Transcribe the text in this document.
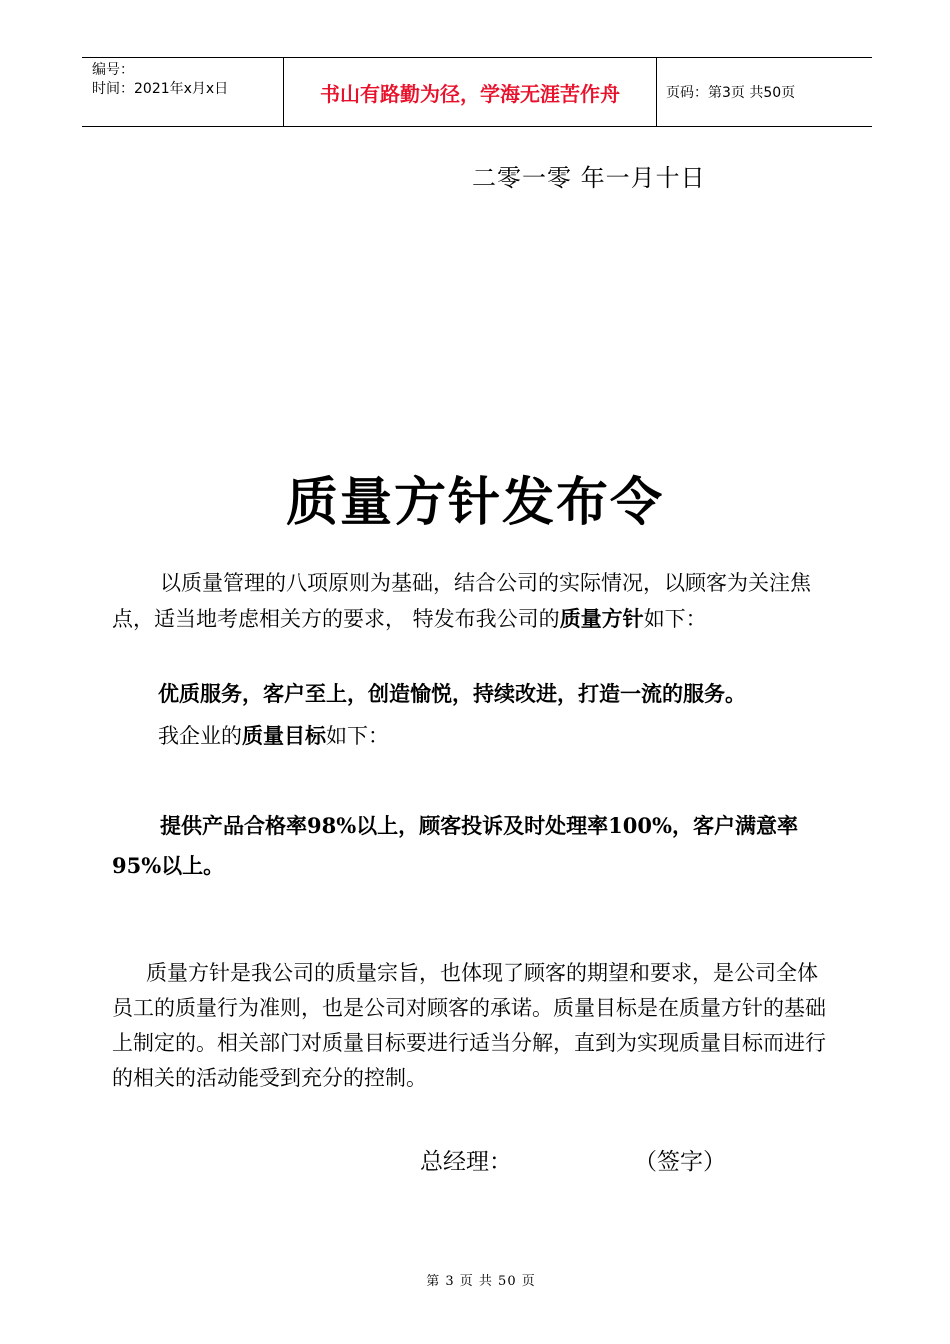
编号：
时间：2021年x月x日	书山有路勤为径，学海无涯苦作舟	页码：第3页 共50页
二零一零 年一月十日
质量方针发布令
以质量管理的八项原则为基础，结合公司的实际情况，以顾客为关注焦点，适当地考虑相关方的要求， 特发布我公司的质量方针如下：
优质服务，客户至上，创造愉悦，持续改进，打造一流的服务。
我企业的质量目标如下：
提供产品合格率98%以上，顾客投诉及时处理率100%，客户满意率95%以上。
质量方针是我公司的质量宗旨，也体现了顾客的期望和要求，是公司全体员工的质量行为准则，也是公司对顾客的承诺。质量目标是在质量方针的基础上制定的。相关部门对质量目标要进行适当分解，直到为实现质量目标而进行的相关的活动能受到充分的控制。
总经理：	（签字）
第 3 页 共 50 页
